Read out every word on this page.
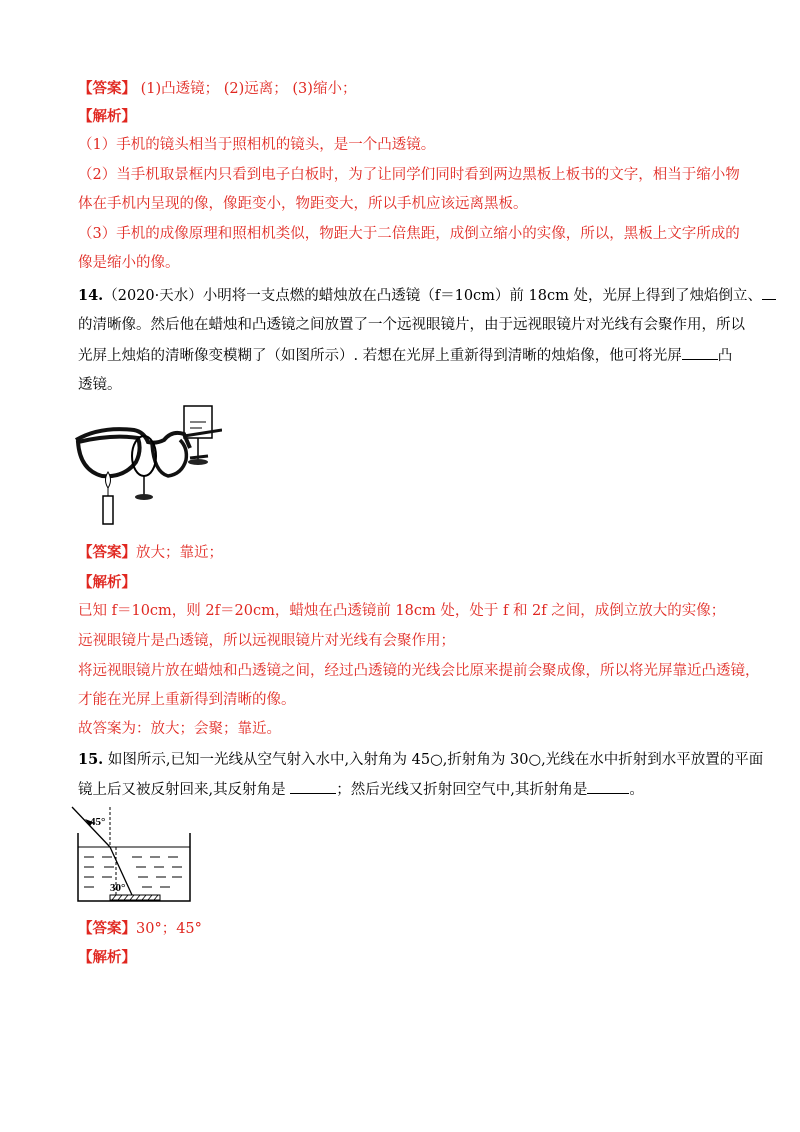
【答案】 (1)凸透镜； (2)远离； (3)缩小；
【解析】
（1）手机的镜头相当于照相机的镜头，是一个凸透镜。
（2）当手机取景框内只看到电子白板时，为了让同学们同时看到两边黑板上板书的文字，相当于缩小物
体在手机内呈现的像，像距变小，物距变大，所以手机应该远离黑板。
（3）手机的成像原理和照相机类似，物距大于二倍焦距，成倒立缩小的实像，所以，黑板上文字所成的
像是缩小的像。
14.（2020·天水）小明将一支点燃的蜡烛放在凸透镜（f＝10cm）前 18cm 处，光屏上得到了烛焰倒立、
的清晰像。然后他在蜡烛和凸透镜之间放置了一个远视眼镜片，由于远视眼镜片对光线有会聚作用，所以
光屏上烛焰的清晰像变模糊了（如图所示）. 若想在光屏上重新得到清晰的烛焰像，他可将光屏 凸
透镜。
【答案】放大；靠近；
【解析】
已知 f＝10cm，则 2f＝20cm，蜡烛在凸透镜前 18cm 处，处于 f 和 2f 之间，成倒立放大的实像；
远视眼镜片是凸透镜，所以远视眼镜片对光线有会聚作用；
将远视眼镜片放在蜡烛和凸透镜之间，经过凸透镜的光线会比原来提前会聚成像，所以将光屏靠近凸透镜，
才能在光屏上重新得到清晰的像。
故答案为：放大；会聚；靠近。
15. 如图所示,已知一光线从空气射入水中,入射角为 45○,折射角为 30○,光线在水中折射到水平放置的平面
镜上后又被反射回来,其反射角是	；然后光线又折射回空气中,其折射角是	。
45°
30°
【答案】30°；45°
【解析】
